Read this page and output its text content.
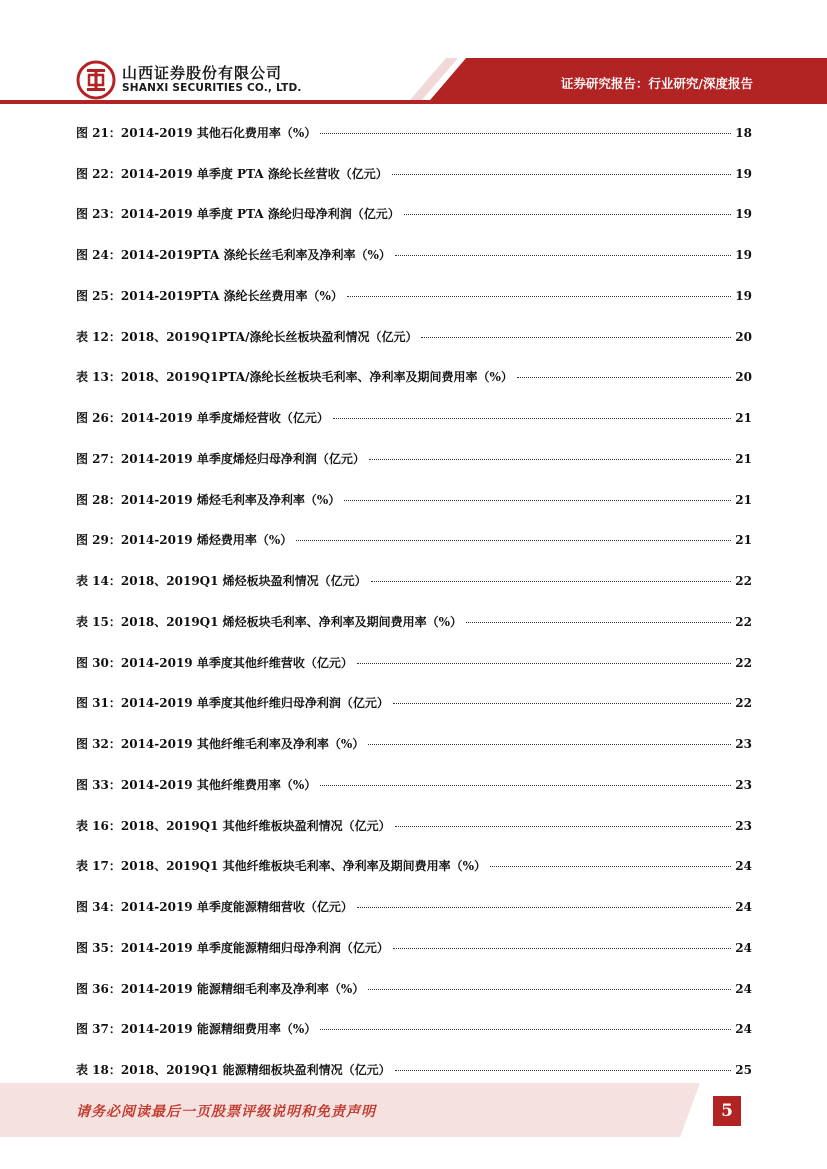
山西证券股份有限公司
SHANXI SECURITIES CO., LTD.	证券研究报告：行业研究/深度报告
图 21：2014-2019 其他石化费用率（%）	18
图 22：2014-2019 单季度 PTA 涤纶长丝营收（亿元）	19
图 23：2014-2019 单季度 PTA 涤纶归母净利润（亿元）	19
图 24：2014-2019PTA 涤纶长丝毛利率及净利率（%）	19
图 25：2014-2019PTA 涤纶长丝费用率（%）	19
表 12：2018、2019Q1PTA/涤纶长丝板块盈利情况（亿元）	20
表 13：2018、2019Q1PTA/涤纶长丝板块毛利率、净利率及期间费用率（%）	20
图 26：2014-2019 单季度烯烃营收（亿元）	21
图 27：2014-2019 单季度烯烃归母净利润（亿元）	21
图 28：2014-2019 烯烃毛利率及净利率（%）	21
图 29：2014-2019 烯烃费用率（%）	21
表 14：2018、2019Q1 烯烃板块盈利情况（亿元）	22
表 15：2018、2019Q1 烯烃板块毛利率、净利率及期间费用率（%）	22
图 30：2014-2019 单季度其他纤维营收（亿元）	22
图 31：2014-2019 单季度其他纤维归母净利润（亿元）	22
图 32：2014-2019 其他纤维毛利率及净利率（%）	23
图 33：2014-2019 其他纤维费用率（%）	23
表 16：2018、2019Q1 其他纤维板块盈利情况（亿元）	23
表 17：2018、2019Q1 其他纤维板块毛利率、净利率及期间费用率（%）	24
图 34：2014-2019 单季度能源精细营收（亿元）	24
图 35：2014-2019 单季度能源精细归母净利润（亿元）	24
图 36：2014-2019 能源精细毛利率及净利率（%）	24
图 37：2014-2019 能源精细费用率（%）	24
表 18：2018、2019Q1 能源精细板块盈利情况（亿元）	25
请务必阅读最后一页股票评级说明和免责声明	5
